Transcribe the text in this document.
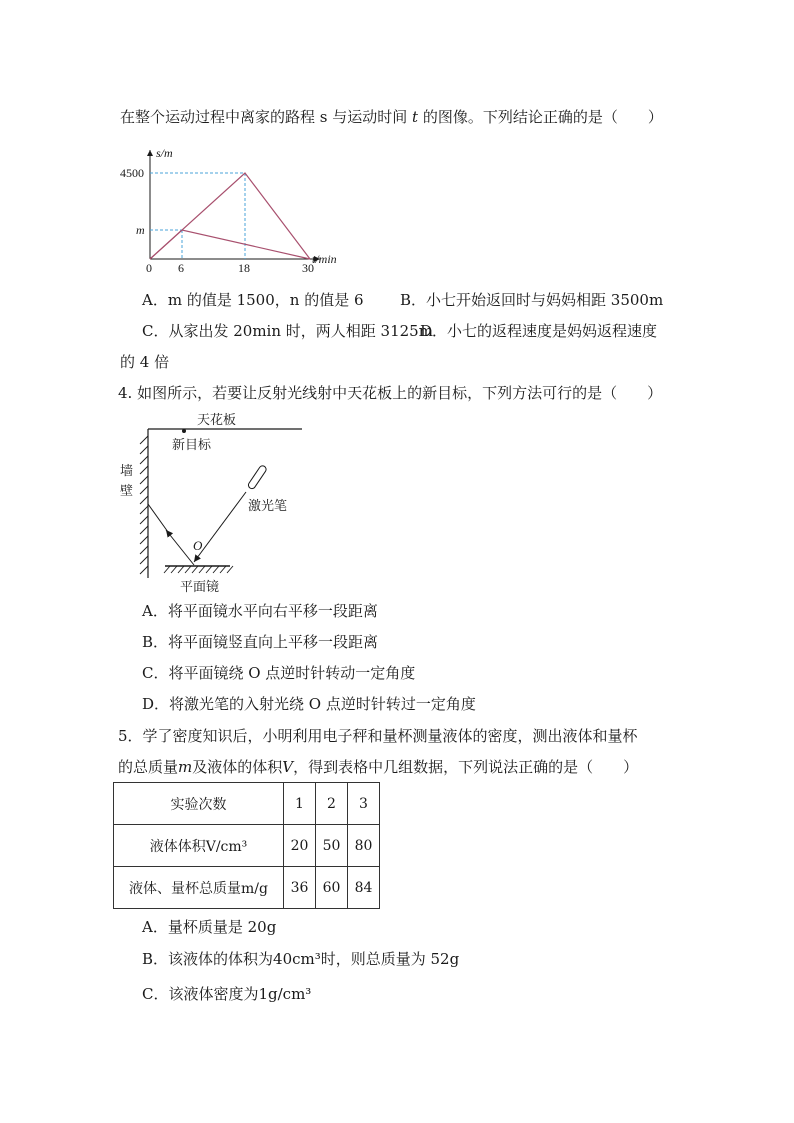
在整个运动过程中离家的路程 s 与运动时间 t 的图像。下列结论正确的是（　　）
s/m
t/min
4500
m
0 6	18	30
A．m 的值是 1500，n 的值是 6 B．小七开始返回时与妈妈相距 3500m
C．从家出发 20min 时，两人相距 3125m
D．小七的返程速度是妈妈返程速度
的 4 倍
4. 如图所示，若要让反射光线射中天花板上的新目标，下列方法可行的是（　　）
天花板
新目标
墙
壁
激光笔
O
平面镜
A．将平面镜水平向右平移一段距离
B．将平面镜竖直向上平移一段距离
C．将平面镜绕 O 点逆时针转动一定角度
D．将激光笔的入射光绕 O 点逆时针转过一定角度
5．学了密度知识后，小明利用电子秤和量杯测量液体的密度，测出液体和量杯
的总质量m及液体的体积V，得到表格中几组数据，下列说法正确的是（　　）
实验次数	1	2	3
液体体积V/cm³	20	50	80
液体、量杯总质量m/g	36	60	84
A．量杯质量是 20g
B．该液体的体积为40cm³时，则总质量为 52g
C．该液体密度为1g/cm³
